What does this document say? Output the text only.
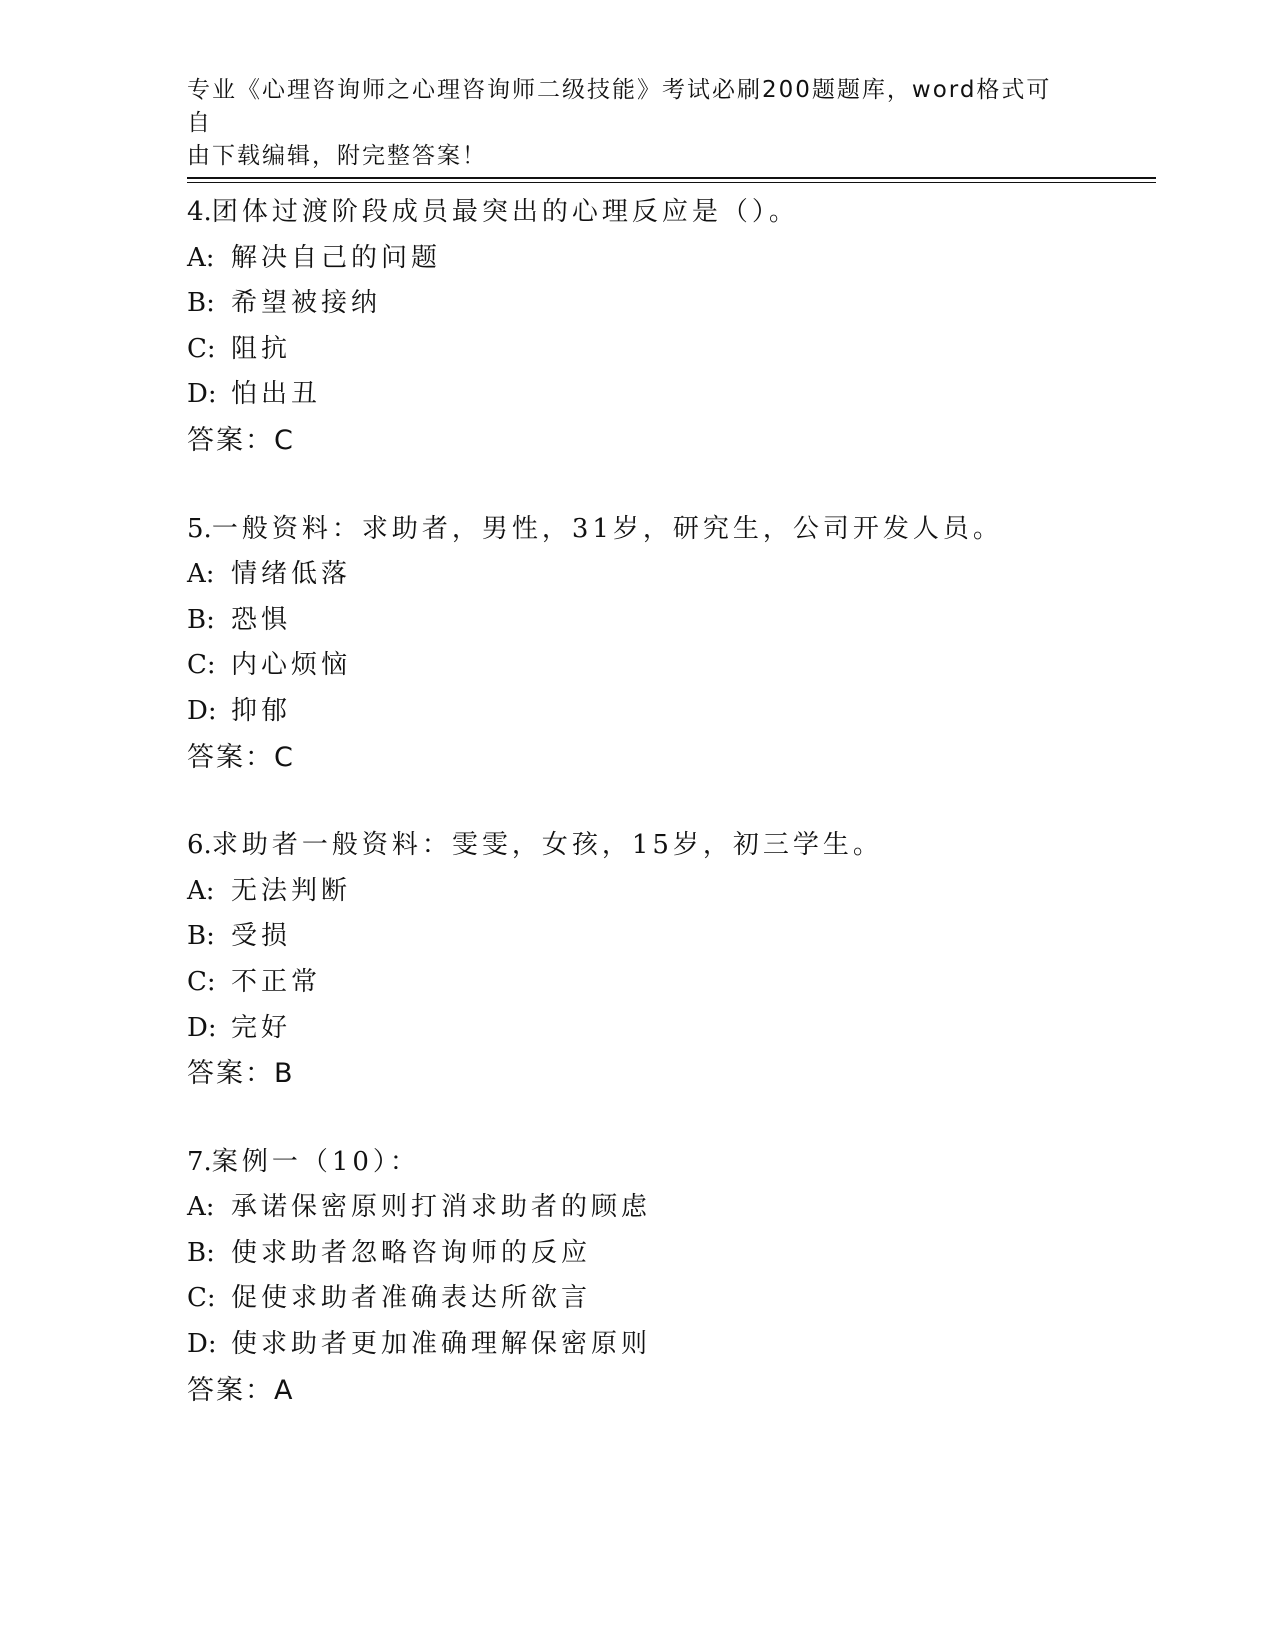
专业《心理咨询师之心理咨询师二级技能》考试必刷200题题库，word格式可自
由下载编辑，附完整答案！
4.团体过渡阶段成员最突出的心理反应是（）。
A: 解决自己的问题
B: 希望被接纳
C: 阻抗
D: 怕出丑
答案：C
5.一般资料：求助者，男性，31岁，研究生，公司开发人员。
A: 情绪低落
B: 恐惧
C: 内心烦恼
D: 抑郁
答案：C
6.求助者一般资料：雯雯，女孩，15岁，初三学生。
A: 无法判断
B: 受损
C: 不正常
D: 完好
答案：B
7.案例一（10）：
A: 承诺保密原则打消求助者的顾虑
B: 使求助者忽略咨询师的反应
C: 促使求助者准确表达所欲言
D: 使求助者更加准确理解保密原则
答案：A
